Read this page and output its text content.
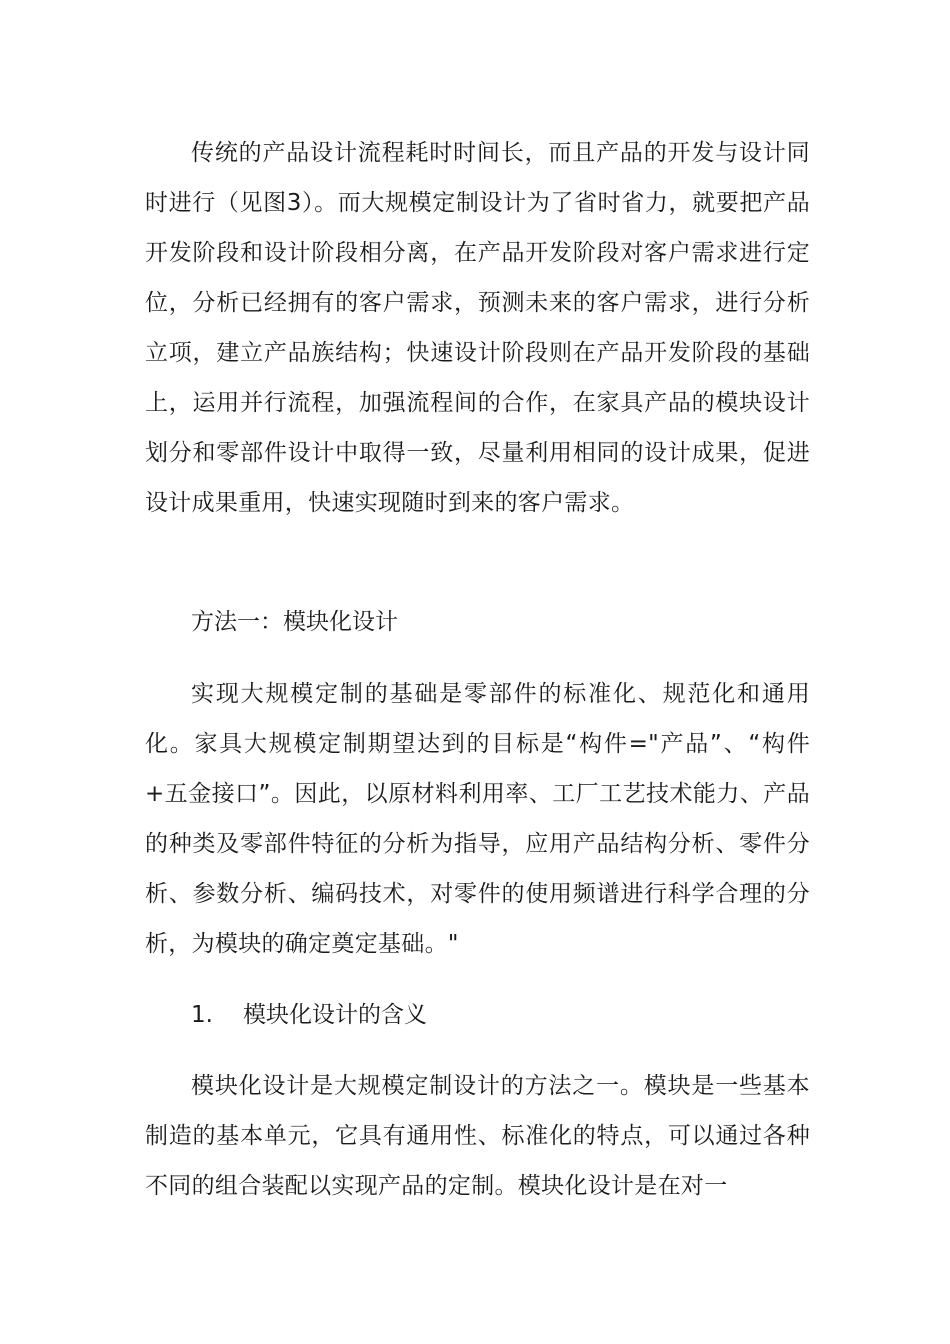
传统的产品设计流程耗时时间长，而且产品的开发与设计同时进行（见图3）。而大规模定制设计为了省时省力，就要把产品开发阶段和设计阶段相分离，在产品开发阶段对客户需求进行定位，分析已经拥有的客户需求，预测未来的客户需求，进行分析立项，建立产品族结构；快速设计阶段则在产品开发阶段的基础上，运用并行流程，加强流程间的合作，在家具产品的模块设计划分和零部件设计中取得一致，尽量利用相同的设计成果，促进设计成果重用，快速实现随时到来的客户需求。

方法一：模块化设计

实现大规模定制的基础是零部件的标准化、规范化和通用化。家具大规模定制期望达到的目标是“构件="产品”、“构件+五金接口”。因此，以原材料利用率、工厂工艺技术能力、产品的种类及零部件特征的分析为指导，应用产品结构分析、零件分析、参数分析、编码技术，对零件的使用频谱进行科学合理的分析，为模块的确定奠定基础。"

1. 模块化设计的含义

模块化设计是大规模定制设计的方法之一。模块是一些基本制造的基本单元，它具有通用性、标准化的特点，可以通过各种不同的组合装配以实现产品的定制。模块化设计是在对一
